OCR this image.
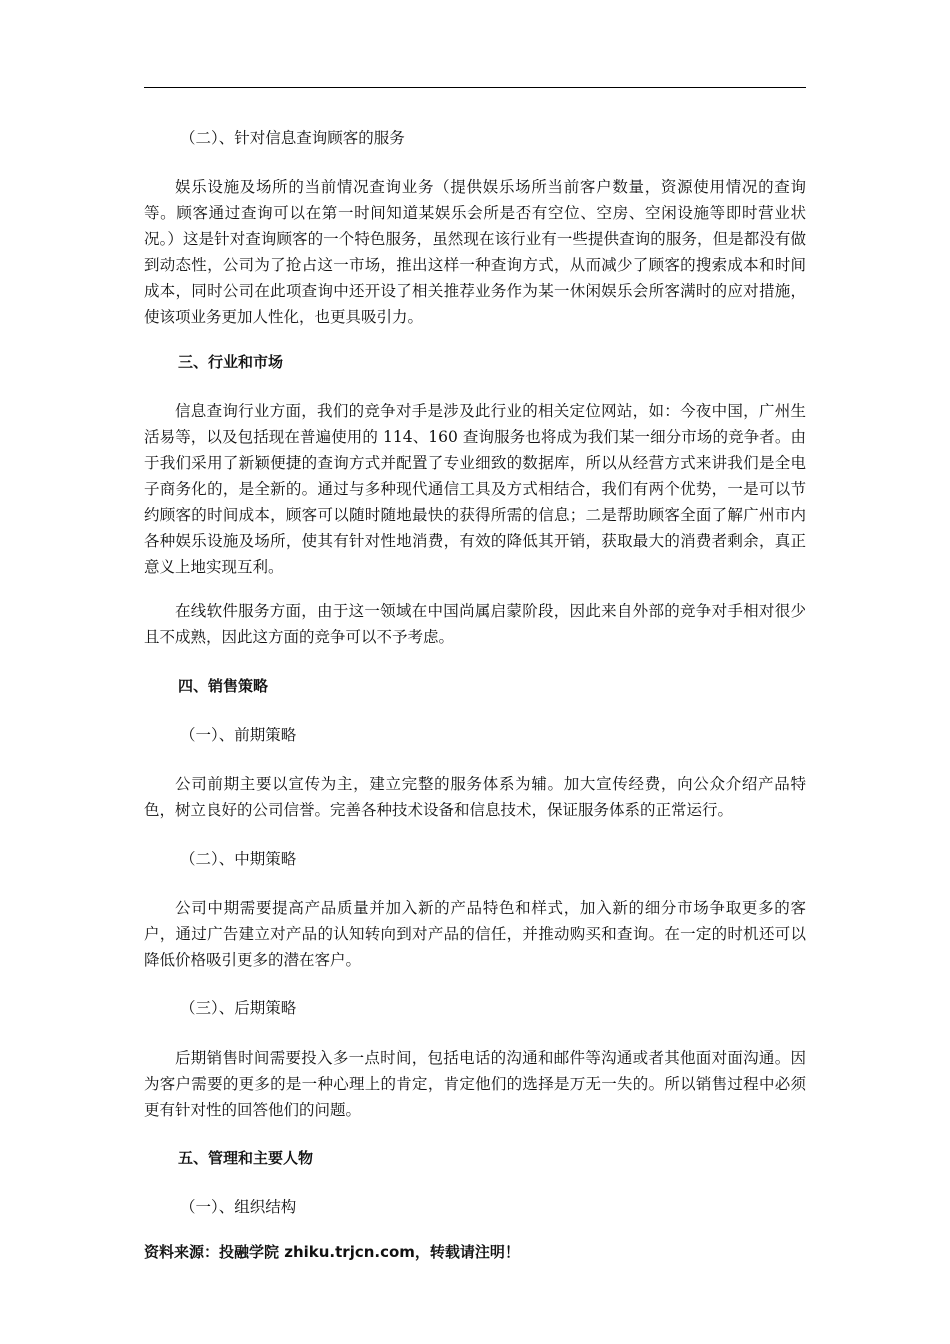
（二）、针对信息查询顾客的服务

娱乐设施及场所的当前情况查询业务（提供娱乐场所当前客户数量，资源使用情况的查询等。顾客通过查询可以在第一时间知道某娱乐会所是否有空位、空房、空闲设施等即时营业状况。）这是针对查询顾客的一个特色服务，虽然现在该行业有一些提供查询的服务，但是都没有做到动态性，公司为了抢占这一市场，推出这样一种查询方式，从而减少了顾客的搜索成本和时间成本，同时公司在此项查询中还开设了相关推荐业务作为某一休闲娱乐会所客满时的应对措施，使该项业务更加人性化，也更具吸引力。

三、行业和市场

信息查询行业方面，我们的竞争对手是涉及此行业的相关定位网站，如：今夜中国，广州生活易等，以及包括现在普遍使用的 114、160 查询服务也将成为我们某一细分市场的竞争者。由于我们采用了新颖便捷的查询方式并配置了专业细致的数据库，所以从经营方式来讲我们是全电子商务化的，是全新的。通过与多种现代通信工具及方式相结合，我们有两个优势，一是可以节约顾客的时间成本，顾客可以随时随地最快的获得所需的信息；二是帮助顾客全面了解广州市内各种娱乐设施及场所，使其有针对性地消费，有效的降低其开销，获取最大的消费者剩余，真正意义上地实现互利。

在线软件服务方面，由于这一领域在中国尚属启蒙阶段，因此来自外部的竞争对手相对很少且不成熟，因此这方面的竞争可以不予考虑。

四、销售策略

（一）、前期策略

公司前期主要以宣传为主，建立完整的服务体系为辅。加大宣传经费，向公众介绍产品特色，树立良好的公司信誉。完善各种技术设备和信息技术，保证服务体系的正常运行。

（二）、中期策略

公司中期需要提高产品质量并加入新的产品特色和样式，加入新的细分市场争取更多的客户，通过广告建立对产品的认知转向到对产品的信任，并推动购买和查询。在一定的时机还可以降低价格吸引更多的潜在客户。

（三）、后期策略

后期销售时间需要投入多一点时间，包括电话的沟通和邮件等沟通或者其他面对面沟通。因为客户需要的更多的是一种心理上的肯定，肯定他们的选择是万无一失的。所以销售过程中必须更有针对性的回答他们的问题。

五、管理和主要人物

（一）、组织结构

资料来源：投融学院 zhiku.trjcn.com，转载请注明！
